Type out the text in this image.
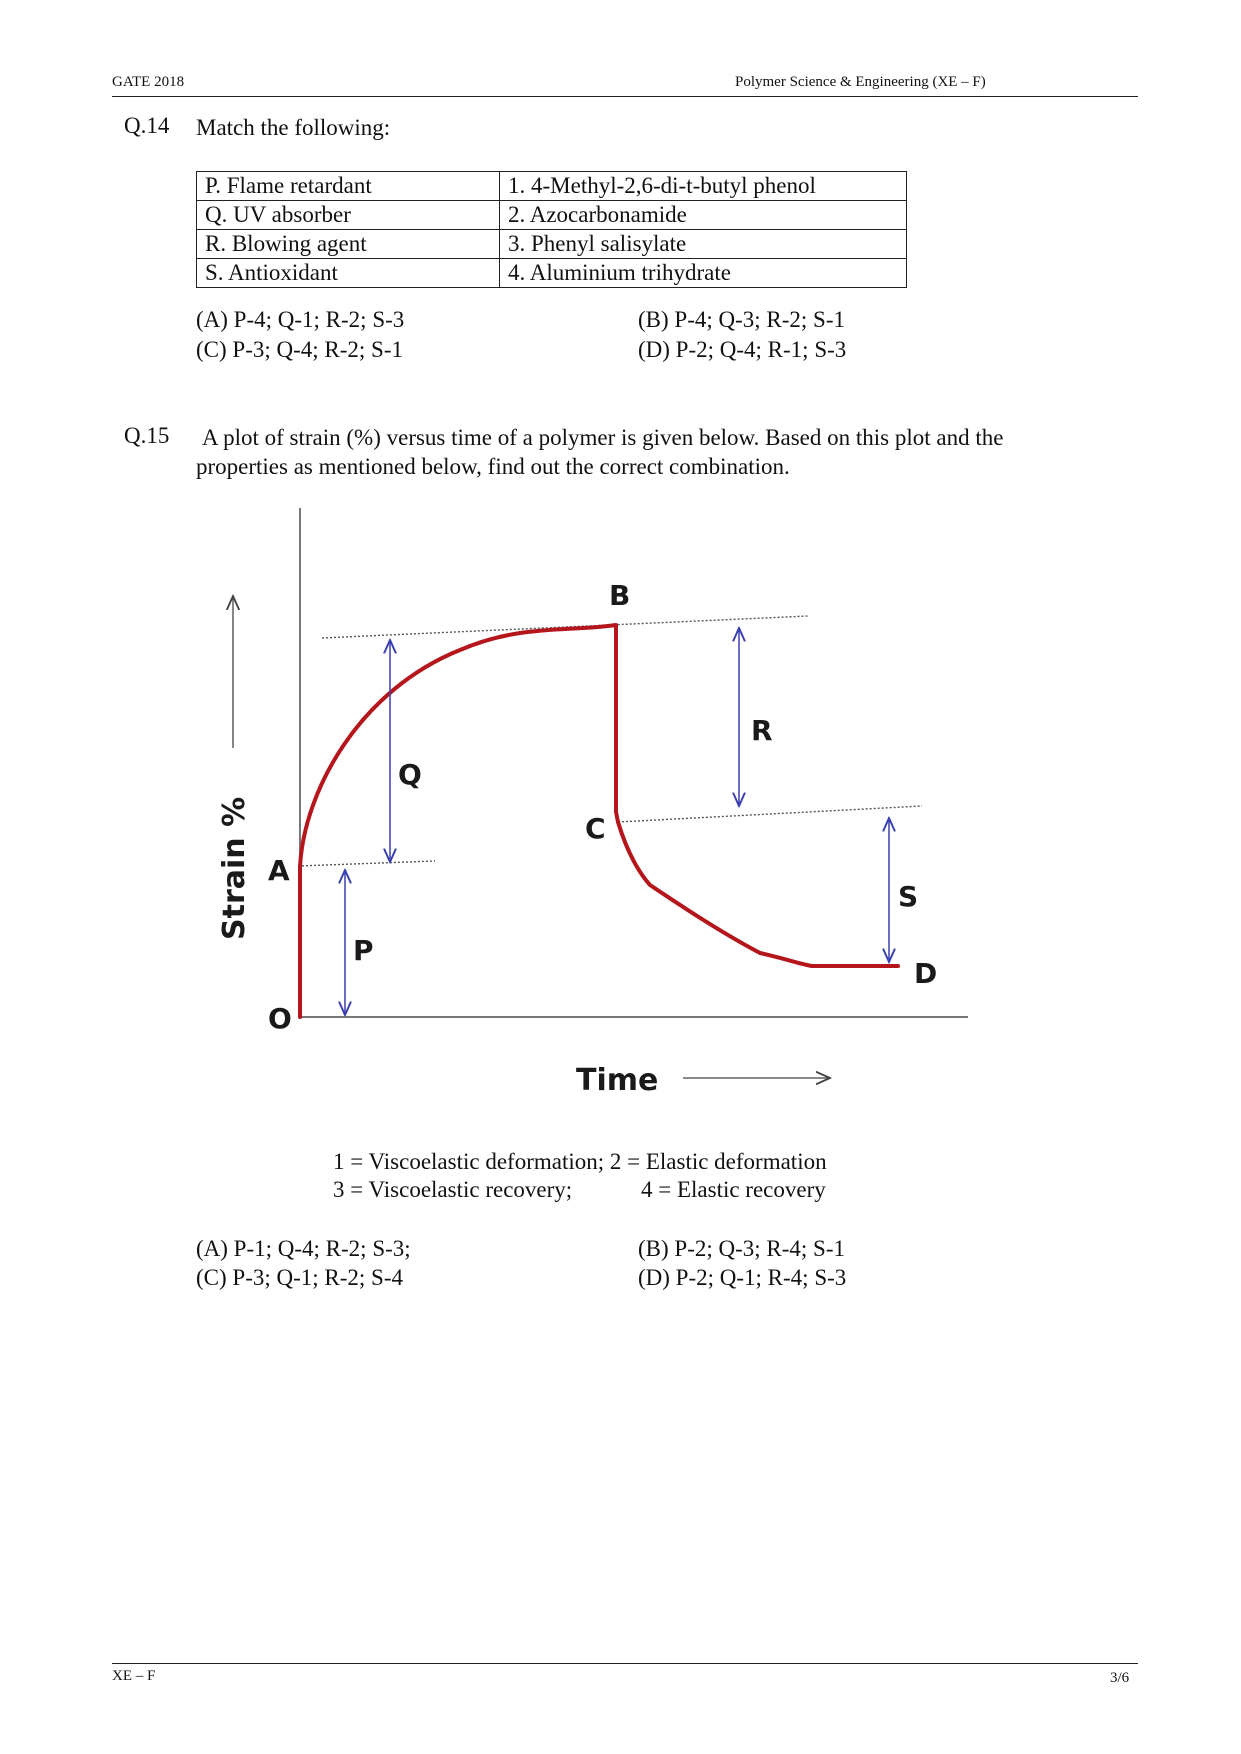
GATE 2018	Polymer Science & Engineering (XE – F)
Q.14 Match the following:
P. Flame retardant	1. 4-Methyl-2,6-di-t-butyl phenol
Q. UV absorber	2. Azocarbonamide
R. Blowing agent	3. Phenyl salisylate
S. Antioxidant	4. Aluminium trihydrate
(A) P-4; Q-1; R-2; S-3	(B) P-4; Q-3; R-2; S-1
(C) P-3; Q-4; R-2; S-1	(D) P-2; Q-4; R-1; S-3
Q.15 A plot of strain (%) versus time of a polymer is given below. Based on this plot and the
properties as mentioned below, find out the correct combination.
O
A
B
C
D
P
Q
R
S
Strain %
Time
1 = Viscoelastic deformation; 2 = Elastic deformation
3 = Viscoelastic recovery;	4 = Elastic recovery
(A) P-1; Q-4; R-2; S-3;	(B) P-2; Q-3; R-4; S-1
(C) P-3; Q-1; R-2; S-4	(D) P-2; Q-1; R-4; S-3
XE – F	3/6
